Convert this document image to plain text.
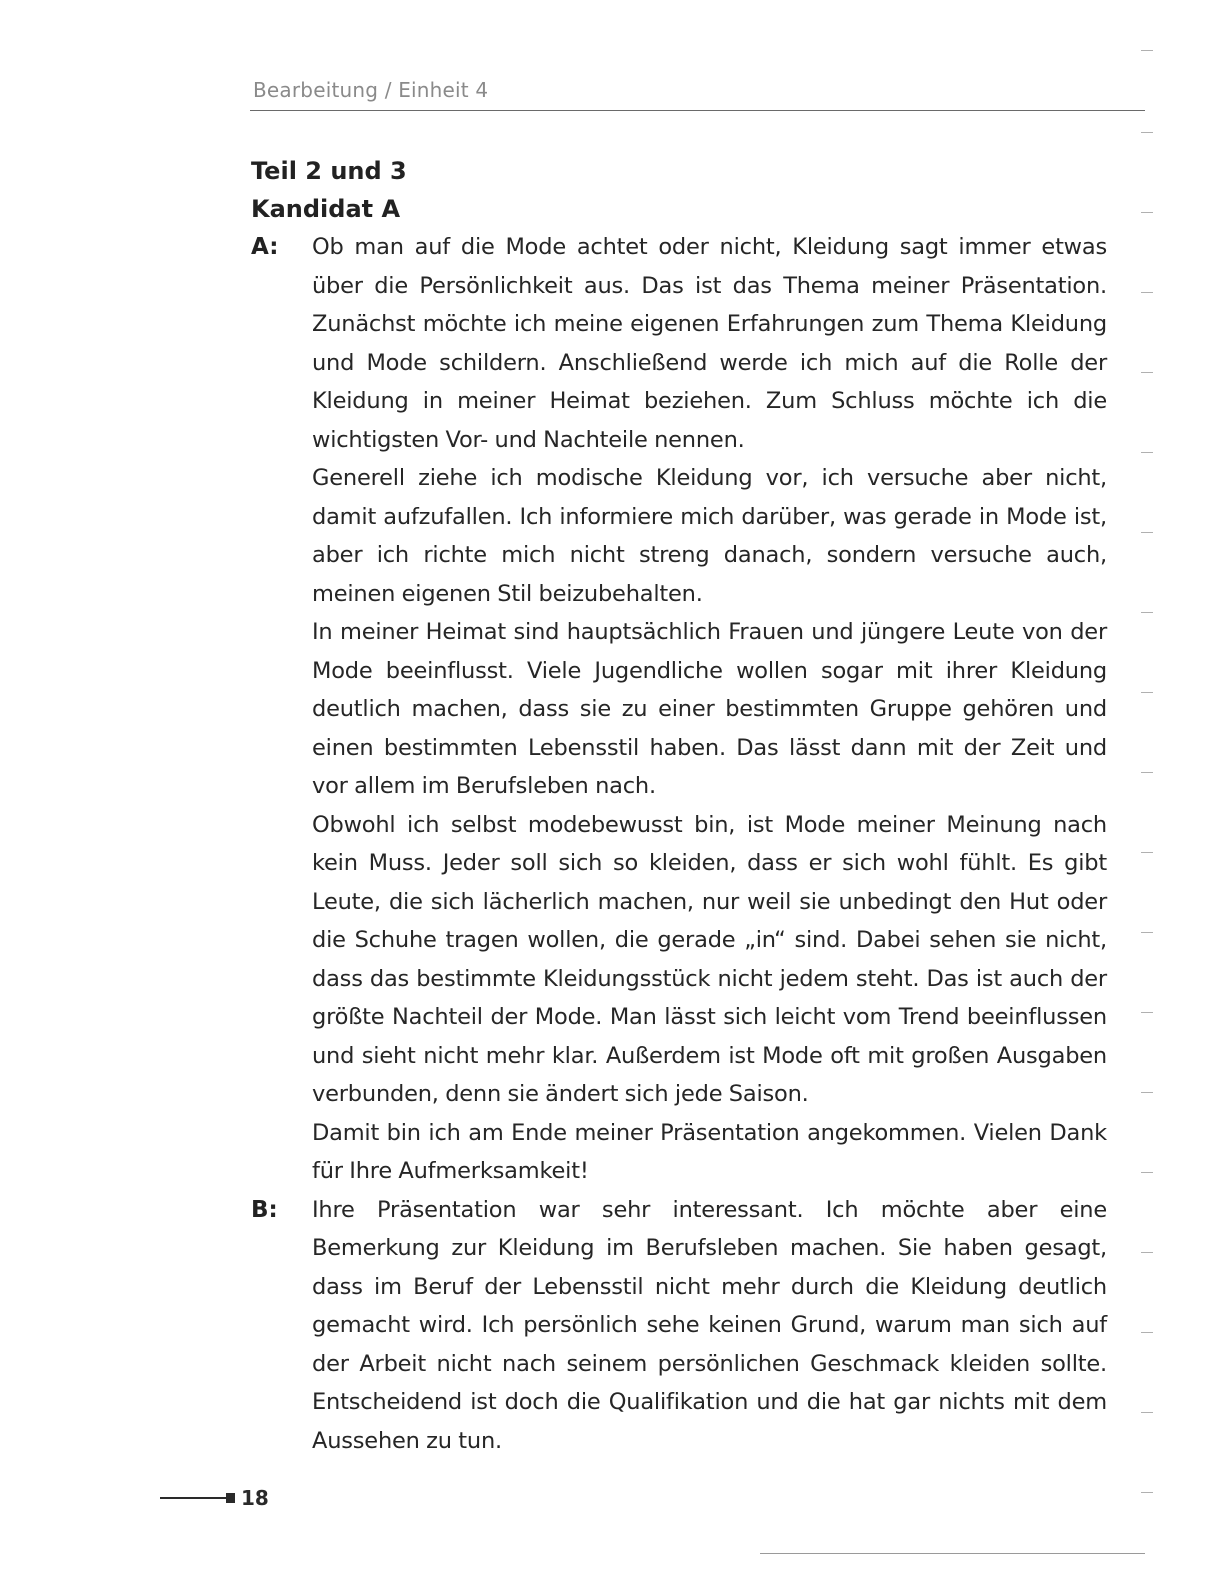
Bearbeitung / Einheit 4
Teil 2 und 3
Kandidat A
A:	Ob man auf die Mode achtet oder nicht, Kleidung sagt immer etwas über die Persönlichkeit aus. Das ist das Thema meiner Präsentation. Zunächst möchte ich meine eigenen Erfahrungen zum Thema Kleidung und Mode schildern. Anschließend werde ich mich auf die Rolle der Kleidung in meiner Heimat beziehen. Zum Schluss möchte ich die wichtigsten Vor- und Nachteile nennen.

Generell ziehe ich modische Kleidung vor, ich versuche aber nicht, damit aufzufallen. Ich informiere mich darüber, was gerade in Mode ist, aber ich richte mich nicht streng danach, sondern versuche auch, meinen eigenen Stil beizubehalten.

In meiner Heimat sind hauptsächlich Frauen und jüngere Leute von der Mode beeinflusst. Viele Jugendliche wollen sogar mit ihrer Kleidung deutlich machen, dass sie zu einer bestimmten Gruppe gehören und einen bestimmten Lebensstil haben. Das lässt dann mit der Zeit und vor allem im Berufsleben nach.

Obwohl ich selbst modebewusst bin, ist Mode meiner Meinung nach kein Muss. Jeder soll sich so kleiden, dass er sich wohl fühlt. Es gibt Leute, die sich lächerlich machen, nur weil sie unbedingt den Hut oder die Schuhe tragen wollen, die gerade „in“ sind. Dabei sehen sie nicht, dass das bestimmte Kleidungsstück nicht jedem steht. Das ist auch der größte Nachteil der Mode. Man lässt sich leicht vom Trend beeinflussen und sieht nicht mehr klar. Außerdem ist Mode oft mit großen Ausgaben verbunden, denn sie ändert sich jede Saison.

Damit bin ich am Ende meiner Präsentation angekommen. Vielen Dank für Ihre Aufmerksamkeit!

B:	Ihre Präsentation war sehr interessant. Ich möchte aber eine Bemerkung zur Kleidung im Berufsleben machen. Sie haben gesagt, dass im Beruf der Lebensstil nicht mehr durch die Kleidung deutlich gemacht wird. Ich persönlich sehe keinen Grund, warum man sich auf der Arbeit nicht nach seinem persönlichen Geschmack kleiden sollte. Entscheidend ist doch die Qualifikation und die hat gar nichts mit dem Aussehen zu tun.

18
